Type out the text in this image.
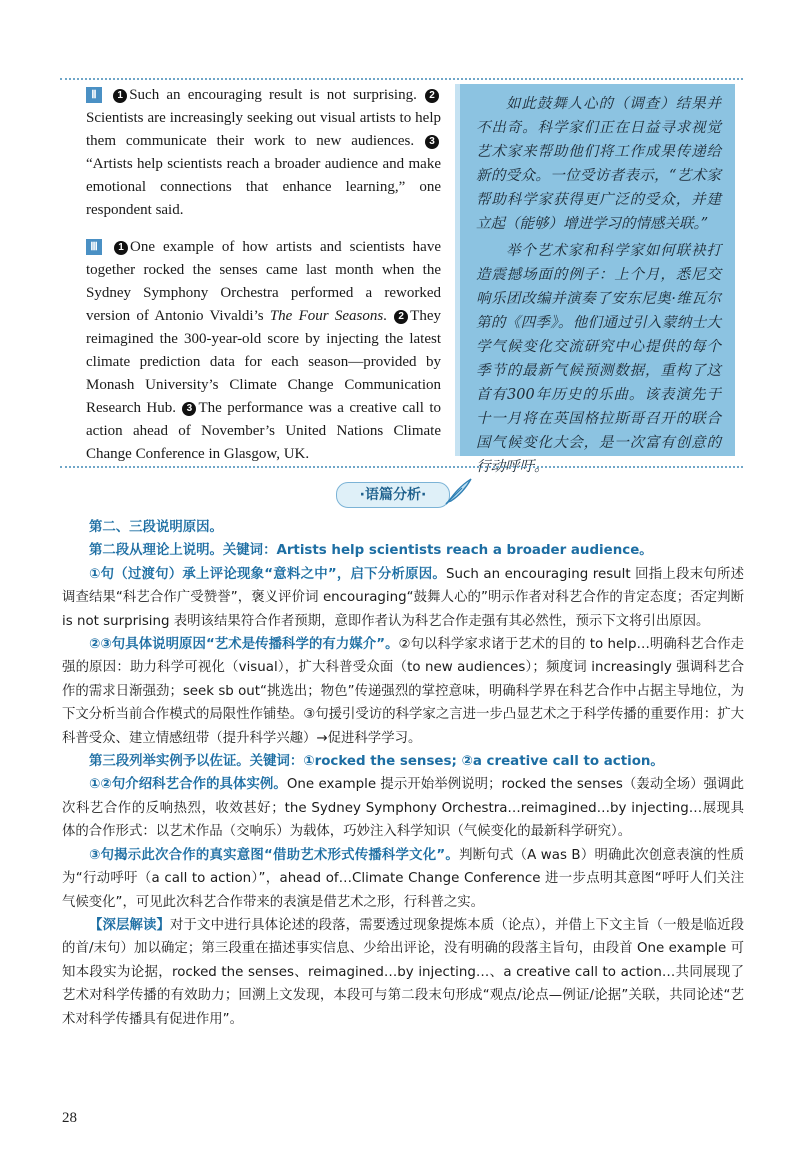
Ⅱ 1 Such an encouraging result is not surprising. 2Scientists are increasingly seeking out visual artists to help them communicate their work to new audiences. 3“Artists help scientists reach a broader audience and make emotional connections that enhance learning,” one respondent said.

Ⅲ 1 One example of how artists and scientists have together rocked the senses came last month when the Sydney Symphony Orchestra performed a reworked version of Antonio Vivaldi’s The Four Seasons. 2 They reimagined the 300-year-old score by injecting the latest climate prediction data for each season—provided by Monash University’s Climate Change Communication Research Hub. 3 The performance was a creative call to action ahead of November’s United Nations Climate Change Conference in Glasgow, UK.

如此鼓舞人心的（调查）结果并不出奇。科学家们正在日益寻求视觉艺术家来帮助他们将工作成果传递给新的受众。一位受访者表示，“艺术家帮助科学家获得更广泛的受众，并建立起（能够）增进学习的情感关联。”

举个艺术家和科学家如何联袂打造震撼场面的例子：上个月，悉尼交响乐团改编并演奏了安东尼奥·维瓦尔第的《四季》。他们通过引入蒙纳士大学气候变化交流研究中心提供的每个季节的最新气候预测数据，重构了这首有300年历史的乐曲。该表演先于十一月将在英国格拉斯哥召开的联合国气候变化大会，是一次富有创意的行动呼吁。

·语篇分析·

第二、三段说明原因。

第二段从理论上说明。关键词：Artists help scientists reach a broader audience。

①句（过渡句）承上评论现象“意料之中”，启下分析原因。Such an encouraging result 回指上段末句所述调查结果“科艺合作广受赞誉”，褒义评价词 encouraging“鼓舞人心的”明示作者对科艺合作的肯定态度；否定判断 is not surprising 表明该结果符合作者预期，意即作者认为科艺合作走强有其必然性，预示下文将引出原因。

②③句具体说明原因“艺术是传播科学的有力媒介”。②句以科学家求诸于艺术的目的 to help…明确科艺合作走强的原因：助力科学可视化（visual），扩大科普受众面（to new audiences）；频度词 increasingly 强调科艺合作的需求日渐强劲；seek sb out“挑选出；物色”传递强烈的掌控意味，明确科学界在科艺合作中占据主导地位，为下文分析当前合作模式的局限性作铺垫。③句援引受访的科学家之言进一步凸显艺术之于科学传播的重要作用：扩大科普受众、建立情感纽带（提升科学兴趣）→促进科学学习。

第三段列举实例予以佐证。关键词：①rocked the senses; ②a creative call to action。

①②句介绍科艺合作的具体实例。One example 提示开始举例说明；rocked the senses（轰动全场）强调此次科艺合作的反响热烈，收效甚好；the Sydney Symphony Orchestra…reimagined…by injecting…展现具体的合作形式：以艺术作品（交响乐）为载体，巧妙注入科学知识（气候变化的最新科学研究）。

③句揭示此次合作的真实意图“借助艺术形式传播科学文化”。判断句式（A was B）明确此次创意表演的性质为“行动呼吁（a call to action）”，ahead of…Climate Change Conference 进一步点明其意图“呼吁人们关注气候变化”，可见此次科艺合作带来的表演是借艺术之形，行科普之实。

【深层解读】对于文中进行具体论述的段落，需要透过现象提炼本质（论点），并借上下文主旨（一般是临近段的首/末句）加以确定；第三段重在描述事实信息、少给出评论，没有明确的段落主旨句，由段首 One example 可知本段实为论据，rocked the senses、reimagined…by injecting…、a creative call to action…共同展现了艺术对科学传播的有效助力；回溯上文发现，本段可与第二段末句形成“观点/论点—例证/论据”关联，共同论述“艺术对科学传播具有促进作用”。

28
